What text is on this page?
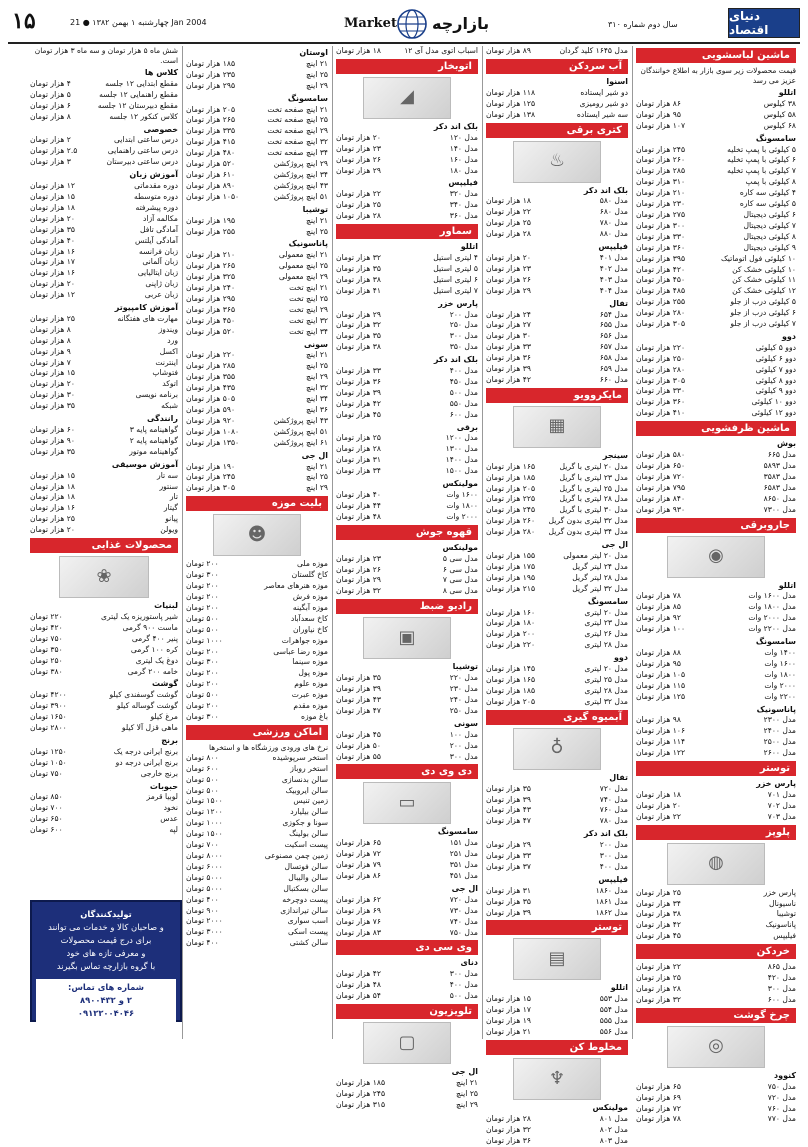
۱۵	چهارشنبه ۱ بهمن ۱۳۸۲ ● 21 Jan 2004	Market بازارچه	سال دوم شماره ۳۱۰
دنیای اقتصاد
ماشین لباسشویی
قیمت محصولات زیر سوی بازار به اطلاع خوانندگان عزیز می رسد
اتللو
۳۸ کیلوس
۸۶ هزار تومان
۵۸ کیلوس
۹۵ هزار تومان
۶۸ کیلوس
۱۰۷ هزار تومان
سامسونگ
۵ کیلوئی با پمپ تخلیه
۲۴۵ هزار تومان
۶ کیلوئی با پمپ تخلیه
۲۶۰ هزار تومان
۷ کیلوئی با پمپ تخلیه
۲۸۵ هزار تومان
۸ کیلوئی با پمپ
۳۱۰ هزار تومان
۴ کیلوئی سه کاره
۲۱۰ هزار تومان
۵ کیلوئی سه کاره
۲۳۰ هزار تومان
۶ کیلوئی دیجیتال
۲۷۵ هزار تومان
۷ کیلوئی دیجیتال
۳۰۰ هزار تومان
۸ کیلوئی دیجیتال
۳۳۰ هزار تومان
۹ کیلوئی دیجیتال
۳۶۰ هزار تومان
۱۰ کیلوئی فول اتوماتیک
۳۹۵ هزار تومان
۱۰ کیلوئی خشک کن
۴۲۰ هزار تومان
۱۱ کیلوئی خشک کن
۴۵۰ هزار تومان
۱۲ کیلوئی خشک کن
۴۸۵ هزار تومان
۵ کیلوئی درب از جلو
۲۵۵ هزار تومان
۶ کیلوئی درب از جلو
۲۸۰ هزار تومان
۷ کیلوئی درب از جلو
۳۰۵ هزار تومان
دوو
دوو ۵ کیلوئی
۲۲۰ هزار تومان
دوو ۶ کیلوئی
۲۵۰ هزار تومان
دوو ۷ کیلوئی
۲۸۰ هزار تومان
دوو ۸ کیلوئی
۳۰۵ هزار تومان
دوو ۹ کیلوئی
۳۳۰ هزار تومان
دوو ۱۰ کیلوئی
۳۶۰ هزار تومان
دوو ۱۲ کیلوئی
۴۱۰ هزار تومان
ماشین ظرفشویی
بوش
مدل ۶۶۵
۵۸۰ هزار تومان
مدل ۵۸۹۳
۶۵۰ هزار تومان
مدل ۳۵۸۳
۷۲۰ هزار تومان
مدل ۶۵۸۳
۷۹۵ هزار تومان
مدل ۸۶۵۰
۸۴۰ هزار تومان
مدل ۷۳۰۰
۹۳۰ هزار تومان
جاروبرقی
◉
اتللو
مدل ۱۶۰۰ وات
۷۸ هزار تومان
مدل ۱۸۰۰ وات
۸۵ هزار تومان
مدل ۲۰۰۰ وات
۹۲ هزار تومان
مدل ۲۲۰۰ وات
۱۰۰ هزار تومان
سامسونگ
۱۴۰۰ وات
۸۸ هزار تومان
۱۶۰۰ وات
۹۵ هزار تومان
۱۸۰۰ وات
۱۰۵ هزار تومان
۲۰۰۰ وات
۱۱۵ هزار تومان
۲۲۰۰ وات
۱۲۵ هزار تومان
پاناسونیک
مدل ۲۳۰۰
۹۸ هزار تومان
مدل ۲۴۰۰
۱۰۶ هزار تومان
مدل ۲۵۰۰
۱۱۴ هزار تومان
مدل ۲۶۰۰
۱۲۲ هزار تومان
توستر
پارس خزر
مدل ۷۰۱
۱۸ هزار تومان
مدل ۷۰۲
۲۰ هزار تومان
مدل ۷۰۳
۲۲ هزار تومان
پلوپز
◍
پارس خزر
۲۵ هزار تومان
ناسیونال
۳۴ هزار تومان
توشیبا
۳۸ هزار تومان
پاناسونیک
۴۲ هزار تومان
فیلیپس
۴۵ هزار تومان
خردکن
مدل ۸۶۵
۲۲ هزار تومان
مدل ۴۲۰
۲۵ هزار تومان
مدل ۳۰۰
۲۸ هزار تومان
مدل ۶۰۰
۳۲ هزار تومان
چرخ گوشت
◎
کنوود
مدل ۷۵۰
۶۵ هزار تومان
مدل ۷۲۰
۶۹ هزار تومان
مدل ۷۶۰
۷۲ هزار تومان
مدل ۷۷۰
۷۸ هزار تومان
مدل ۱۶۴۵ کلید گردان
۸۹ هزار تومان
آب سردکن
اسنوا
دو شیر ایستاده
۱۱۸ هزار تومان
دو شیر رومیزی
۱۲۵ هزار تومان
سه شیر ایستاده
۱۳۸ هزار تومان
کتری برقی
♨
بلک اند دکر
مدل ۵۸۰
۱۸ هزار تومان
مدل ۶۸۰
۲۲ هزار تومان
مدل ۷۸۰
۲۵ هزار تومان
مدل ۸۸۰
۲۸ هزار تومان
فیلیپس
مدل ۴۰۱
۲۰ هزار تومان
مدل ۴۰۲
۲۳ هزار تومان
مدل ۴۰۳
۲۶ هزار تومان
مدل ۴۰۴
۲۹ هزار تومان
تفال
مدل ۶۵۴
۲۴ هزار تومان
مدل ۶۵۵
۲۷ هزار تومان
مدل ۶۵۶
۳۰ هزار تومان
مدل ۶۵۷
۳۳ هزار تومان
مدل ۶۵۸
۳۶ هزار تومان
مدل ۶۵۹
۳۹ هزار تومان
مدل ۶۶۰
۴۲ هزار تومان
مایکروویو
▦
سینجر
مدل ۲۰ لیتری با گریل
۱۶۵ هزار تومان
مدل ۲۳ لیتری با گریل
۱۸۵ هزار تومان
مدل ۲۵ لیتری با گریل
۲۰۵ هزار تومان
مدل ۲۸ لیتری با گریل
۲۲۵ هزار تومان
مدل ۳۰ لیتری با گریل
۲۴۵ هزار تومان
مدل ۳۲ لیتری بدون گریل
۲۶۰ هزار تومان
مدل ۳۴ لیتری بدون گریل
۲۸۰ هزار تومان
ال جی
مدل ۲۰ لیتر معمولی
۱۵۵ هزار تومان
مدل ۲۴ لیتر گریل
۱۷۵ هزار تومان
مدل ۲۸ لیتر گریل
۱۹۵ هزار تومان
مدل ۳۲ لیتر گریل
۲۱۵ هزار تومان
سامسونگ
مدل ۲۰ لیتری
۱۶۰ هزار تومان
مدل ۲۳ لیتری
۱۸۰ هزار تومان
مدل ۲۶ لیتری
۲۰۰ هزار تومان
مدل ۲۸ لیتری
۲۲۰ هزار تومان
دوو
مدل ۲۰ لیتری
۱۴۵ هزار تومان
مدل ۲۵ لیتری
۱۶۵ هزار تومان
مدل ۲۸ لیتری
۱۸۵ هزار تومان
مدل ۳۲ لیتری
۲۰۵ هزار تومان
آبمیوه گیری
♁
تفال
مدل ۷۲۰
۳۵ هزار تومان
مدل ۷۴۰
۳۹ هزار تومان
مدل ۷۶۰
۴۳ هزار تومان
مدل ۷۸۰
۴۷ هزار تومان
بلک اند دکر
مدل ۲۰۰
۲۹ هزار تومان
مدل ۳۰۰
۳۳ هزار تومان
مدل ۴۰۰
۳۷ هزار تومان
فیلیپس
مدل ۱۸۶۰
۳۱ هزار تومان
مدل ۱۸۶۱
۳۵ هزار تومان
مدل ۱۸۶۲
۳۹ هزار تومان
توستر
▤
اتللو
مدل ۵۵۳
۱۵ هزار تومان
مدل ۵۵۴
۱۷ هزار تومان
مدل ۵۵۵
۱۹ هزار تومان
مدل ۵۵۶
۲۱ هزار تومان
مخلوط کن
♆
مولینکس
مدل ۸۰۱
۲۸ هزار تومان
مدل ۸۰۲
۳۲ هزار تومان
مدل ۸۰۳
۳۶ هزار تومان
اسباب اتوی مدل آی ۱۲
۱۸ هزار تومان
اتوبخار
◢
بلک اند دکر
مدل ۱۲۰
۲۰ هزار تومان
مدل ۱۴۰
۲۳ هزار تومان
مدل ۱۶۰
۲۶ هزار تومان
مدل ۱۸۰
۲۹ هزار تومان
فیلیپس
مدل ۳۲۰
۲۲ هزار تومان
مدل ۳۴۰
۲۵ هزار تومان
مدل ۳۶۰
۲۸ هزار تومان
سماور
اتللو
۴ لیتری استیل
۳۲ هزار تومان
۵ لیتری استیل
۳۵ هزار تومان
۶ لیتری استیل
۳۸ هزار تومان
۷ لیتری استیل
۴۱ هزار تومان
پارس خزر
مدل ۲۰۰
۲۹ هزار تومان
مدل ۲۵۰
۳۲ هزار تومان
مدل ۳۰۰
۳۵ هزار تومان
مدل ۳۵۰
۳۸ هزار تومان
بلک اند دکر
مدل ۴۰۰
۳۳ هزار تومان
مدل ۴۵۰
۳۶ هزار تومان
مدل ۵۰۰
۳۹ هزار تومان
مدل ۵۵۰
۴۲ هزار تومان
مدل ۶۰۰
۴۵ هزار تومان
برقی
مدل ۱۲۰۰
۲۵ هزار تومان
مدل ۱۳۰۰
۲۸ هزار تومان
مدل ۱۴۰۰
۳۱ هزار تومان
مدل ۱۵۰۰
۳۴ هزار تومان
مولینکس
۱۶۰۰ وات
۴۰ هزار تومان
۱۸۰۰ وات
۴۴ هزار تومان
۲۰۰۰ وات
۴۸ هزار تومان
قهوه جوش
مولینکس
مدل سی ۵
۲۳ هزار تومان
مدل سی ۶
۲۶ هزار تومان
مدل سی ۷
۲۹ هزار تومان
مدل سی ۸
۳۲ هزار تومان
رادیو ضبط
▣
توشیبا
مدل ۲۲۰
۳۵ هزار تومان
مدل ۲۳۰
۳۹ هزار تومان
مدل ۲۴۰
۴۳ هزار تومان
مدل ۲۵۰
۴۷ هزار تومان
سونی
مدل ۱۰۰
۴۵ هزار تومان
مدل ۲۰۰
۵۰ هزار تومان
مدل ۳۰۰
۵۵ هزار تومان
دی وی دی
▭
سامسونگ
مدل ۱۵۱
۶۵ هزار تومان
مدل ۲۵۱
۷۲ هزار تومان
مدل ۳۵۱
۷۹ هزار تومان
مدل ۴۵۱
۸۶ هزار تومان
ال جی
مدل ۷۲۰
۶۲ هزار تومان
مدل ۷۳۰
۶۹ هزار تومان
مدل ۷۴۰
۷۶ هزار تومان
مدل ۷۵۰
۸۳ هزار تومان
وی سی دی
دنای
مدل ۳۰۰
۴۲ هزار تومان
مدل ۴۰۰
۴۸ هزار تومان
مدل ۵۰۰
۵۴ هزار تومان
تلویزیون
▢
ال جی
۲۱ اینچ
۱۸۵ هزار تومان
۲۵ اینچ
۲۴۵ هزار تومان
۲۹ اینچ
۳۱۵ هزار تومان
اوستان
۲۱ اینچ
۱۸۵ هزار تومان
۲۵ اینچ
۲۳۵ هزار تومان
۲۹ اینچ
۲۹۵ هزار تومان
سامسونگ
۲۱ اینچ صفحه تخت
۲۰۵ هزار تومان
۲۵ اینچ صفحه تخت
۲۶۵ هزار تومان
۲۹ اینچ صفحه تخت
۳۳۵ هزار تومان
۳۲ اینچ صفحه تخت
۴۱۵ هزار تومان
۳۴ اینچ صفحه تخت
۴۸۰ هزار تومان
۲۹ اینچ پروژکشن
۵۲۰ هزار تومان
۳۴ اینچ پروژکشن
۶۱۰ هزار تومان
۴۳ اینچ پروژکشن
۸۹۰ هزار تومان
۵۱ اینچ پروژکشن
۱۰۵۰ هزار تومان
توشیبا
۲۱ اینچ
۱۹۵ هزار تومان
۲۵ اینچ
۲۵۵ هزار تومان
پاناسونیک
۲۱ اینچ معمولی
۲۱۰ هزار تومان
۲۵ اینچ معمولی
۲۶۵ هزار تومان
۲۹ اینچ معمولی
۳۲۵ هزار تومان
۲۱ اینچ تخت
۲۴۰ هزار تومان
۲۵ اینچ تخت
۲۹۵ هزار تومان
۲۹ اینچ تخت
۳۶۵ هزار تومان
۳۲ اینچ تخت
۴۵۰ هزار تومان
۳۴ اینچ تخت
۵۲۰ هزار تومان
سونی
۲۱ اینچ
۲۲۰ هزار تومان
۲۵ اینچ
۲۸۵ هزار تومان
۲۹ اینچ
۳۵۵ هزار تومان
۳۲ اینچ
۴۳۵ هزار تومان
۳۴ اینچ
۵۰۵ هزار تومان
۳۶ اینچ
۵۹۰ هزار تومان
۴۳ اینچ پروژکشن
۹۲۰ هزار تومان
۵۱ اینچ پروژکشن
۱۰۸۰ هزار تومان
۶۱ اینچ پروژکشن
۱۳۵۰ هزار تومان
ال جی
۲۱ اینچ
۱۹۰ هزار تومان
۲۵ اینچ
۲۴۵ هزار تومان
۲۹ اینچ
۳۰۵ هزار تومان
بلیت موزه
☻
موزه ملی
۲۰۰ تومان
کاخ گلستان
۳۰۰ تومان
موزه هنرهای معاصر
۲۰۰ تومان
موزه فرش
۲۰۰ تومان
موزه آبگینه
۲۰۰ تومان
کاخ سعدآباد
۵۰۰ تومان
کاخ نیاوران
۵۰۰ تومان
موزه جواهرات
۱۰۰۰ تومان
موزه رضا عباسی
۲۰۰ تومان
موزه سینما
۳۰۰ تومان
موزه پول
۲۰۰ تومان
موزه علوم
۲۰۰ تومان
موزه عبرت
۵۰۰ تومان
موزه مقدم
۲۰۰ تومان
باغ موزه
۳۰۰ تومان
اماکن ورزشی
نرخ های ورودی ورزشگاه ها و استخرها
استخر سرپوشیده
۸۰۰ تومان
استخر روباز
۶۰۰ تومان
سالن بدنسازی
۵۰۰ تومان
سالن ایروبیک
۵۰۰ تومان
زمین تنیس
۱۵۰۰ تومان
سالن بیلیارد
۱۲۰۰ تومان
سونا و جکوزی
۱۰۰۰ تومان
سالن بولینگ
۱۵۰۰ تومان
پیست اسکیت
۷۰۰ تومان
زمین چمن مصنوعی
۸۰۰۰ تومان
سالن فوتسال
۶۰۰۰ تومان
سالن والیبال
۵۰۰۰ تومان
سالن بسکتبال
۵۰۰۰ تومان
پیست دوچرخه
۴۰۰ تومان
سالن تیراندازی
۹۰۰ تومان
اسب سواری
۲۰۰۰ تومان
پیست اسکی
۳۰۰۰ تومان
سالن کشتی
۴۰۰ تومان
شش ماه ۵ هزار تومان و سه ماه ۳ هزار تومان است.
کلاس ها
مقطع ابتدایی ۱۲ جلسه
۴ هزار تومان
مقطع راهنمایی ۱۲ جلسه
۵ هزار تومان
مقطع دبیرستان ۱۲ جلسه
۶ هزار تومان
کلاس کنکور ۱۲ جلسه
۸ هزار تومان
خصوصی
درس ساعتی ابتدایی
۲ هزار تومان
درس ساعتی راهنمایی
۲.۵ هزار تومان
درس ساعتی دبیرستان
۳ هزار تومان
آموزش زبان
دوره مقدماتی
۱۲ هزار تومان
دوره متوسطه
۱۵ هزار تومان
دوره پیشرفته
۱۸ هزار تومان
مکالمه آزاد
۲۰ هزار تومان
آمادگی تافل
۳۵ هزار تومان
آمادگی آیلتس
۴۰ هزار تومان
زبان فرانسه
۱۶ هزار تومان
زبان آلمانی
۱۷ هزار تومان
زبان ایتالیایی
۱۶ هزار تومان
زبان ژاپنی
۲۰ هزار تومان
زبان عربی
۱۲ هزار تومان
آموزش کامپیوتر
مهارت های هفتگانه
۲۵ هزار تومان
ویندوز
۸ هزار تومان
ورد
۸ هزار تومان
اکسل
۹ هزار تومان
اینترنت
۷ هزار تومان
فتوشاپ
۱۵ هزار تومان
اتوکد
۲۰ هزار تومان
برنامه نویسی
۳۰ هزار تومان
شبکه
۳۵ هزار تومان
رانندگی
گواهینامه پایه ۳
۶۰ هزار تومان
گواهینامه پایه ۲
۹۰ هزار تومان
گواهینامه موتور
۳۵ هزار تومان
آموزش موسیقی
سه تار
۱۵ هزار تومان
سنتور
۱۸ هزار تومان
تار
۱۸ هزار تومان
گیتار
۱۶ هزار تومان
پیانو
۲۵ هزار تومان
ویولن
۲۰ هزار تومان
محصولات غذایی
❀
لبنیات
شیر پاستوریزه یک لیتری
۲۲۰ تومان
ماست ۹۰۰ گرمی
۴۲۰ تومان
پنیر ۴۰۰ گرمی
۷۵۰ تومان
کره ۱۰۰ گرمی
۳۵۰ تومان
دوغ یک لیتری
۲۵۰ تومان
خامه ۲۰۰ گرمی
۳۸۰ تومان
گوشت
گوشت گوسفندی کیلو
۴۲۰۰ تومان
گوشت گوساله کیلو
۳۹۰۰ تومان
مرغ کیلو
۱۶۵۰ تومان
ماهی قزل آلا کیلو
۲۸۰۰ تومان
برنج
برنج ایرانی درجه یک
۱۲۵۰ تومان
برنج ایرانی درجه دو
۱۰۵۰ تومان
برنج خارجی
۷۵۰ تومان
حبوبات
لوبیا قرمز
۸۵۰ تومان
نخود
۷۰۰ تومان
عدس
۶۵۰ تومان
لپه
۶۰۰ تومان
تولیدکنندگان
و صاحبان کالا و خدمات می توانند
برای درج قیمت محصولات
و معرفی تازه های خود
با گروه بازارچه تماس بگیرند
شماره های تماس:
۲ و ۸۹۰۰۴۳۲
۰۹۱۲۲۰۰۴۰۴۶
